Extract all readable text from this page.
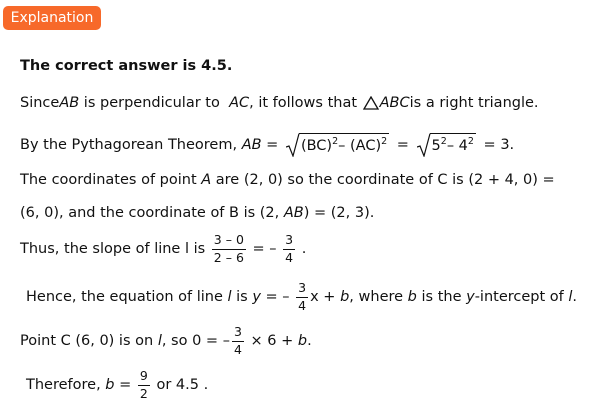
Explanation
The correct answer is 4.5.
Since AB is perpendicular to AC , it follows that ABC is a right triangle.
By the Pythagorean Theorem, AB = (BC)$^2$– $(AC)^2 = 5^2-$ $4^2 = 3$.
The coordinates of point A are (2, 0) so the coordinate of C is (2 + 4, 0) =
(6, 0), and the coordinate of B is (2, AB ) = (2, 3).
Thus, the slope of line l is $\frac{3 - 0}{2 - 6}$ = – $\frac{3}{4}$ .
Hence, the equation of line l is y = – $\frac{3}{4}$ x + b , where b is the y -intercept of l .
Point C (6, 0) is on l , so 0 = – $\frac{3}{4} \times 6 + b$ .
Therefore, $b = \frac{9}{2}$ or 4.5 .
